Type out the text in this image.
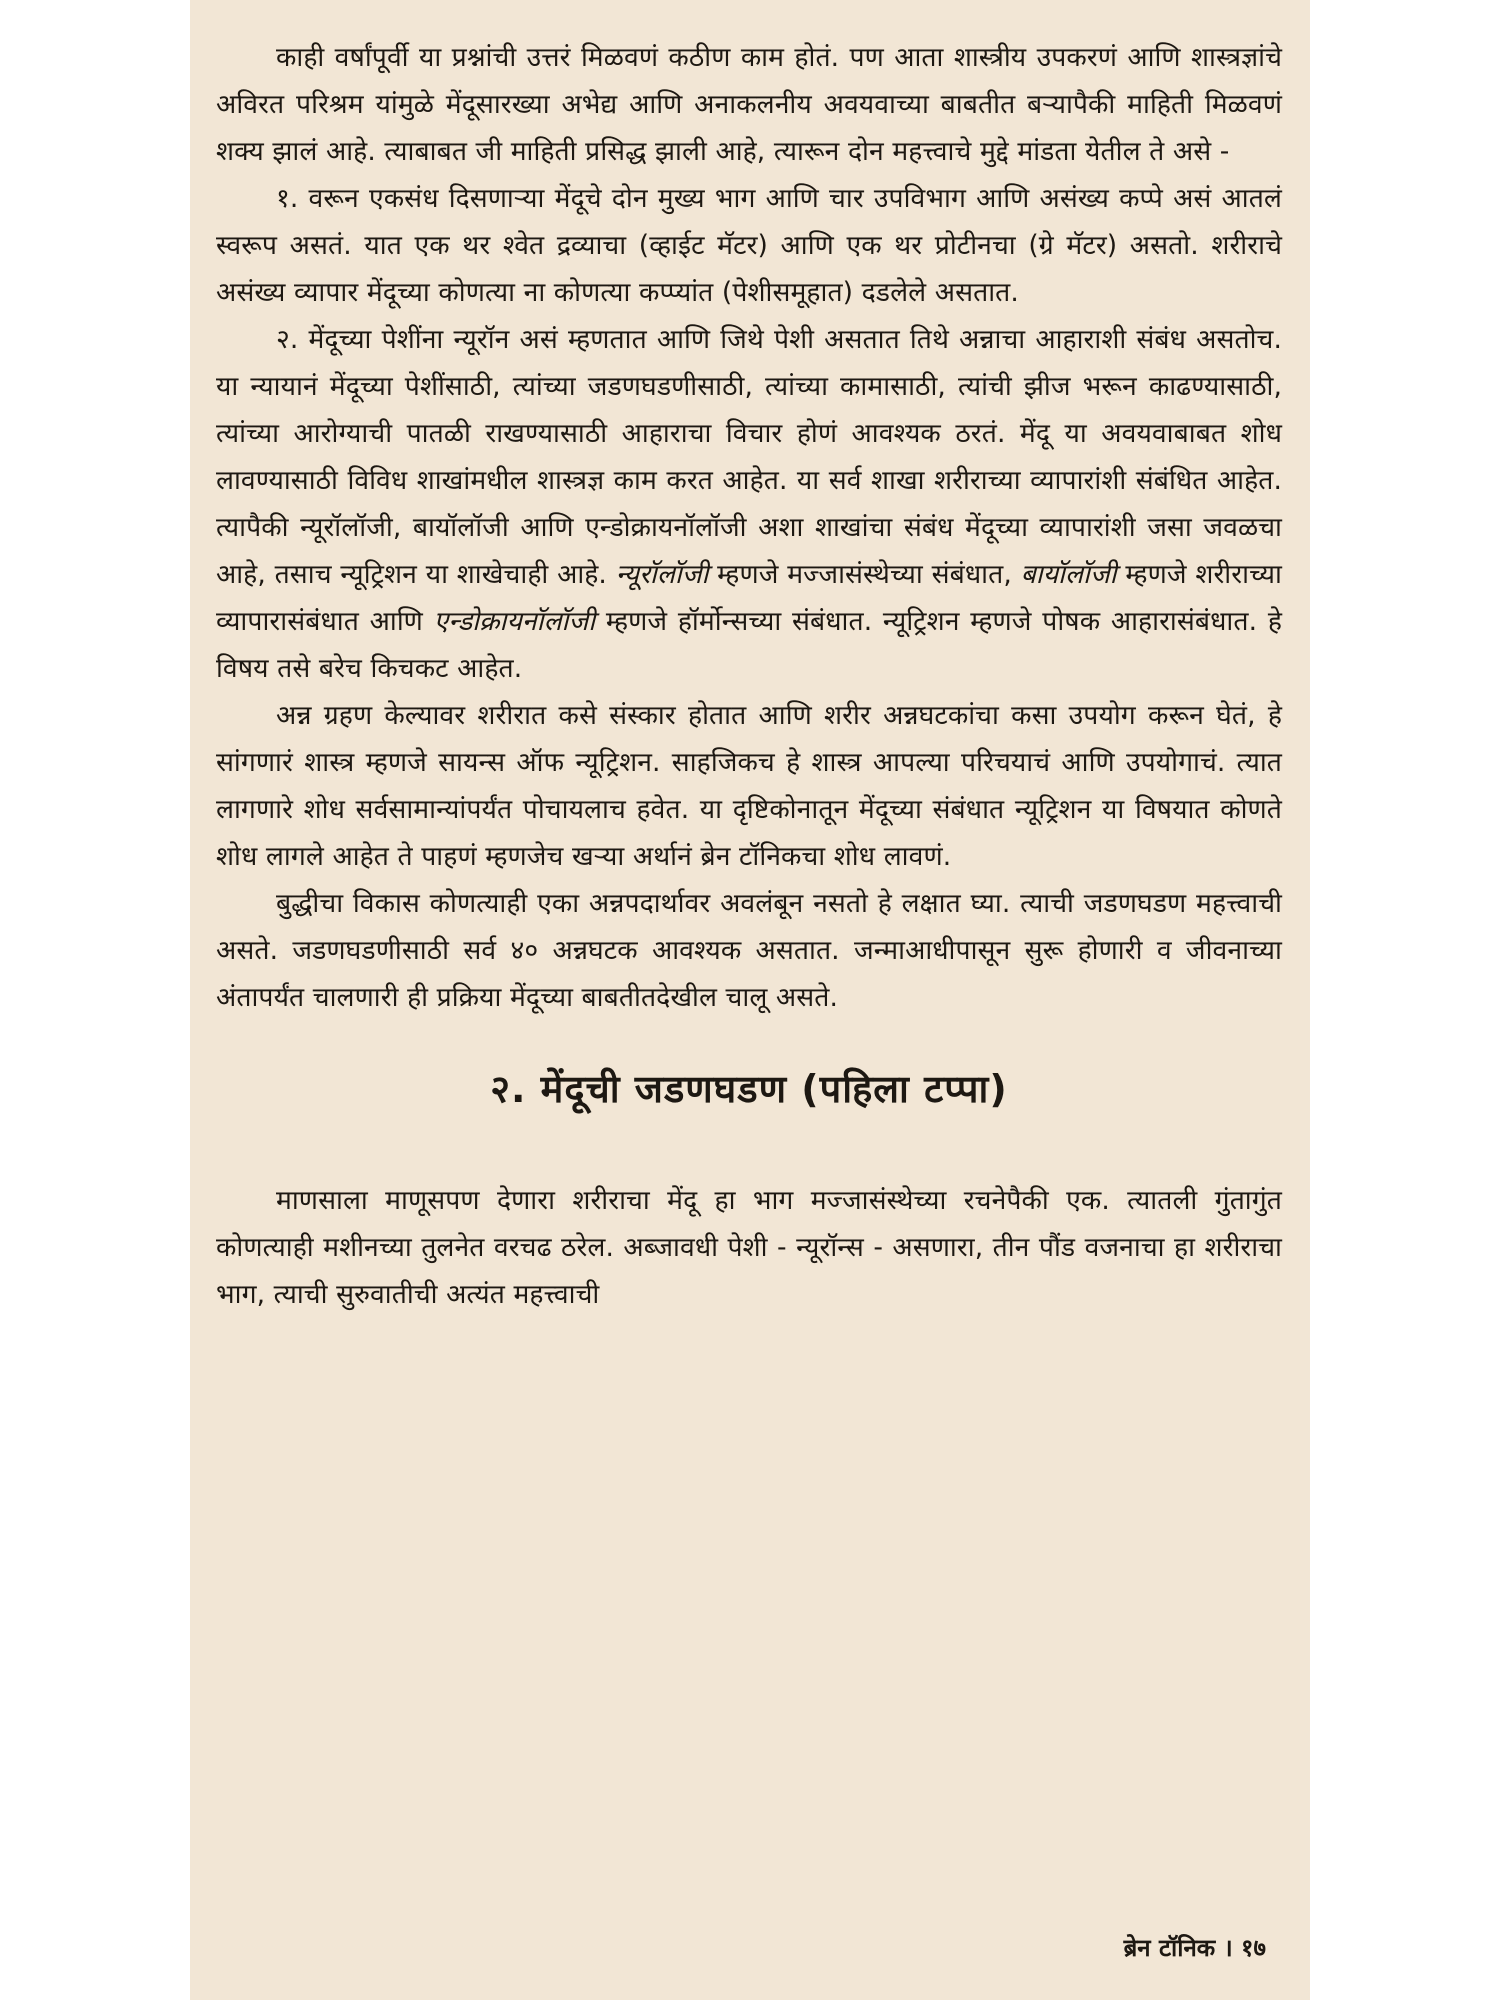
काही वर्षांपूर्वी या प्रश्नांची उत्तरं मिळवणं कठीण काम होतं. पण आता शास्त्रीय उपकरणं आणि शास्त्रज्ञांचे अविरत परिश्रम यांमुळे मेंदूसारख्या अभेद्य आणि अनाकलनीय अवयवाच्या बाबतीत बऱ्यापैकी माहिती मिळवणं शक्य झालं आहे. त्याबाबत जी माहिती प्रसिद्ध झाली आहे, त्यारून दोन महत्त्वाचे मुद्दे मांडता येतील ते असे -

१. वरून एकसंध दिसणाऱ्या मेंदूचे दोन मुख्य भाग आणि चार उपविभाग आणि असंख्य कप्पे असं आतलं स्वरूप असतं. यात एक थर श्वेत द्रव्याचा (व्हाईट मॅटर) आणि एक थर प्रोटीनचा (ग्रे मॅटर) असतो. शरीराचे असंख्य व्यापार मेंदूच्या कोणत्या ना कोणत्या कप्प्यांत (पेशीसमूहात) दडलेले असतात.

२. मेंदूच्या पेशींना न्यूरॉन असं म्हणतात आणि जिथे पेशी असतात तिथे अन्नाचा आहाराशी संबंध असतोच. या न्यायानं मेंदूच्या पेशींसाठी, त्यांच्या जडणघडणीसाठी, त्यांच्या कामासाठी, त्यांची झीज भरून काढण्यासाठी, त्यांच्या आरोग्याची पातळी राखण्यासाठी आहाराचा विचार होणं आवश्यक ठरतं. मेंदू या अवयवाबाबत शोध लावण्यासाठी विविध शाखांमधील शास्त्रज्ञ काम करत आहेत. या सर्व शाखा शरीराच्या व्यापारांशी संबंधित आहेत. त्यापैकी न्यूरॉलॉजी, बायॉलॉजी आणि एन्डोक्रायनॉलॉजी अशा शाखांचा संबंध मेंदूच्या व्यापारांशी जसा जवळचा आहे, तसाच न्यूट्रिशन या शाखेचाही आहे. न्यूरॉलॉजी म्हणजे मज्जासंस्थेच्या संबंधात, बायॉलॉजी म्हणजे शरीराच्या व्यापारासंबंधात आणि एन्डोक्रायनॉलॉजी म्हणजे हॉर्मोन्सच्या संबंधात. न्यूट्रिशन म्हणजे पोषक आहारासंबंधात. हे विषय तसे बरेच किचकट आहेत.

अन्न ग्रहण केल्यावर शरीरात कसे संस्कार होतात आणि शरीर अन्नघटकांचा कसा उपयोग करून घेतं, हे सांगणारं शास्त्र म्हणजे सायन्स ऑफ न्यूट्रिशन. साहजिकच हे शास्त्र आपल्या परिचयाचं आणि उपयोगाचं. त्यात लागणारे शोध सर्वसामान्यांपर्यंत पोचायलाच हवेत. या दृष्टिकोनातून मेंदूच्या संबंधात न्यूट्रिशन या विषयात कोणते शोध लागले आहेत ते पाहणं म्हणजेच खऱ्या अर्थानं ब्रेन टॉनिकचा शोध लावणं.

बुद्धीचा विकास कोणत्याही एका अन्नपदार्थावर अवलंबून नसतो हे लक्षात घ्या. त्याची जडणघडण महत्त्वाची असते. जडणघडणीसाठी सर्व ४० अन्नघटक आवश्यक असतात. जन्माआधीपासून सुरू होणारी व जीवनाच्या अंतापर्यंत चालणारी ही प्रक्रिया मेंदूच्या बाबतीतदेखील चालू असते.

२. मेंदूची जडणघडण (पहिला टप्पा)

माणसाला माणूसपण देणारा शरीराचा मेंदू हा भाग मज्जासंस्थेच्या रचनेपैकी एक. त्यातली गुंतागुंत कोणत्याही मशीनच्या तुलनेत वरचढ ठरेल. अब्जावधी पेशी - न्यूरॉन्स - असणारा, तीन पौंड वजनाचा हा शरीराचा भाग, त्याची सुरुवातीची अत्यंत महत्त्वाची

ब्रेन टॉनिक । १७
